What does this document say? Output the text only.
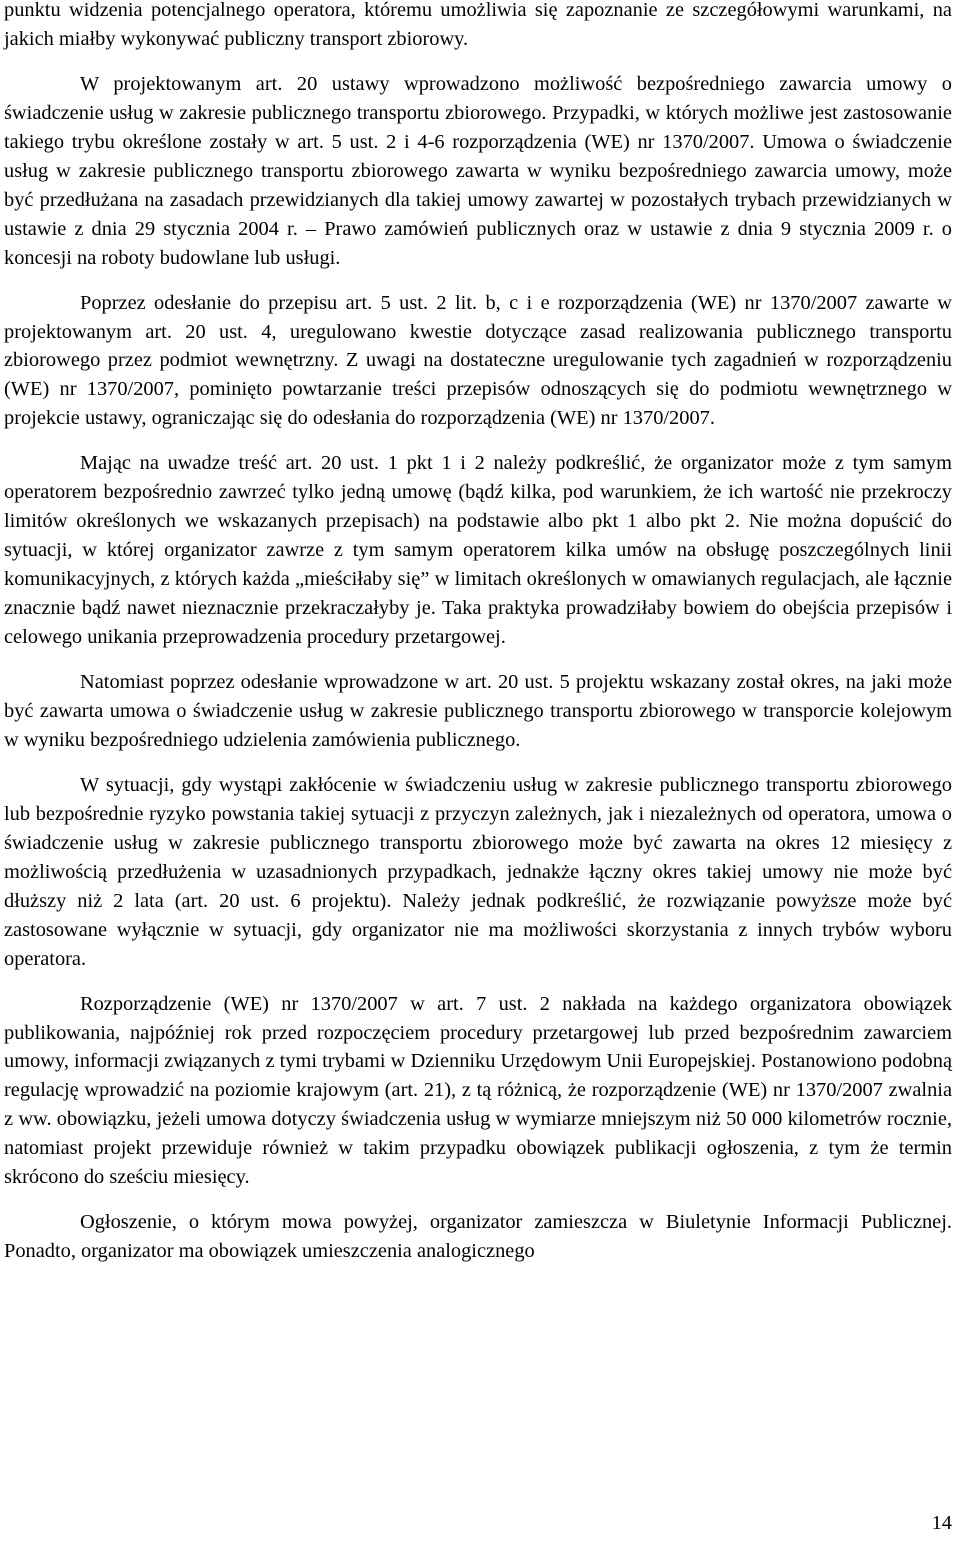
punktu widzenia potencjalnego operatora, któremu umożliwia się zapoznanie ze szczegółowymi warunkami, na jakich miałby wykonywać publiczny transport zbiorowy.

W projektowanym art. 20 ustawy wprowadzono możliwość bezpośredniego zawarcia umowy o świadczenie usług w zakresie publicznego transportu zbiorowego. Przypadki, w których możliwe jest zastosowanie takiego trybu określone zostały w art. 5 ust. 2 i 4-6 rozporządzenia (WE) nr 1370/2007. Umowa o świadczenie usług w zakresie publicznego transportu zbiorowego zawarta w wyniku bezpośredniego zawarcia umowy, może być przedłużana na zasadach przewidzianych dla takiej umowy zawartej w pozostałych trybach przewidzianych w ustawie z dnia 29 stycznia 2004 r. – Prawo zamówień publicznych oraz w ustawie z dnia 9 stycznia 2009 r. o koncesji na roboty budowlane lub usługi.

Poprzez odesłanie do przepisu art. 5 ust. 2 lit. b, c i e rozporządzenia (WE) nr 1370/2007 zawarte w projektowanym art. 20 ust. 4, uregulowano kwestie dotyczące zasad realizowania publicznego transportu zbiorowego przez podmiot wewnętrzny. Z uwagi na dostateczne uregulowanie tych zagadnień w rozporządzeniu (WE) nr 1370/2007, pominięto powtarzanie treści przepisów odnoszących się do podmiotu wewnętrznego w projekcie ustawy, ograniczając się do odesłania do rozporządzenia (WE) nr 1370/2007.

Mając na uwadze treść art. 20 ust. 1 pkt 1 i 2 należy podkreślić, że organizator może z tym samym operatorem bezpośrednio zawrzeć tylko jedną umowę (bądź kilka, pod warunkiem, że ich wartość nie przekroczy limitów określonych we wskazanych przepisach) na podstawie albo pkt 1 albo pkt 2. Nie można dopuścić do sytuacji, w której organizator zawrze z tym samym operatorem kilka umów na obsługę poszczególnych linii komunikacyjnych, z których każda „mieściłaby się” w limitach określonych w omawianych regulacjach, ale łącznie znacznie bądź nawet nieznacznie przekraczałyby je. Taka praktyka prowadziłaby bowiem do obejścia przepisów i celowego unikania przeprowadzenia procedury przetargowej.

Natomiast poprzez odesłanie wprowadzone w art. 20 ust. 5 projektu wskazany został okres, na jaki może być zawarta umowa o świadczenie usług w zakresie publicznego transportu zbiorowego w transporcie kolejowym w wyniku bezpośredniego udzielenia zamówienia publicznego.

W sytuacji, gdy wystąpi zakłócenie w świadczeniu usług w zakresie publicznego transportu zbiorowego lub bezpośrednie ryzyko powstania takiej sytuacji z przyczyn zależnych, jak i niezależnych od operatora, umowa o świadczenie usług w zakresie publicznego transportu zbiorowego może być zawarta na okres 12 miesięcy z możliwością przedłużenia w uzasadnionych przypadkach, jednakże łączny okres takiej umowy nie może być dłuższy niż 2 lata (art. 20 ust. 6 projektu). Należy jednak podkreślić, że rozwiązanie powyższe może być zastosowane wyłącznie w sytuacji, gdy organizator nie ma możliwości skorzystania z innych trybów wyboru operatora.

Rozporządzenie (WE) nr 1370/2007 w art. 7 ust. 2 nakłada na każdego organizatora obowiązek publikowania, najpóźniej rok przed rozpoczęciem procedury przetargowej lub przed bezpośrednim zawarciem umowy, informacji związanych z tymi trybami w Dzienniku Urzędowym Unii Europejskiej. Postanowiono podobną regulację wprowadzić na poziomie krajowym (art. 21), z tą różnicą, że rozporządzenie (WE) nr 1370/2007 zwalnia z ww. obowiązku, jeżeli umowa dotyczy świadczenia usług w wymiarze mniejszym niż 50 000 kilometrów rocznie, natomiast projekt przewiduje również w takim przypadku obowiązek publikacji ogłoszenia, z tym że termin skrócono do sześciu miesięcy.

Ogłoszenie, o którym mowa powyżej, organizator zamieszcza w Biuletynie Informacji Publicznej. Ponadto, organizator ma obowiązek umieszczenia analogicznego

14
